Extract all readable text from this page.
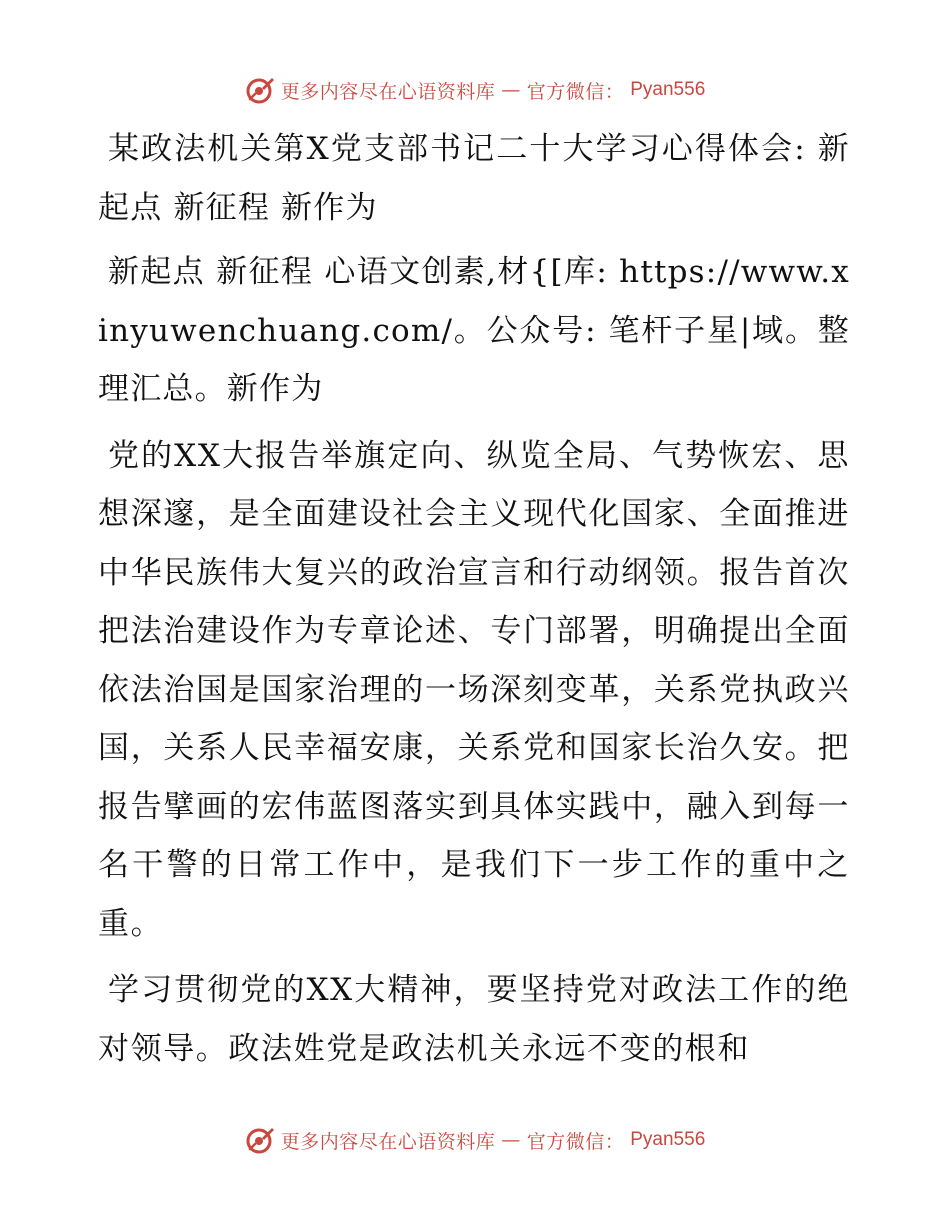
更多内容尽在心语资料库 — 官方微信： Pyan556

某政法机关第X党支部书记二十大学习心得体会: 新起点 新征程 新作为

新起点 新征程 心语文创素,材{[库: https://www.xinyuwenchuang.com/。公众号: 笔杆子星|域。整理汇总。新作为

党的XX大报告举旗定向、纵览全局、气势恢宏、思想深邃，是全面建设社会主义现代化国家、全面推进中华民族伟大复兴的政治宣言和行动纲领。报告首次把法治建设作为专章论述、专门部署，明确提出全面依法治国是国家治理的一场深刻变革，关系党执政兴国，关系人民幸福安康，关系党和国家长治久安。把报告擘画的宏伟蓝图落实到具体实践中，融入到每一名干警的日常工作中，是我们下一步工作的重中之重。

学习贯彻党的XX大精神，要坚持党对政法工作的绝对领导。政法姓党是政法机关永远不变的根和

更多内容尽在心语资料库 — 官方微信： Pyan556
